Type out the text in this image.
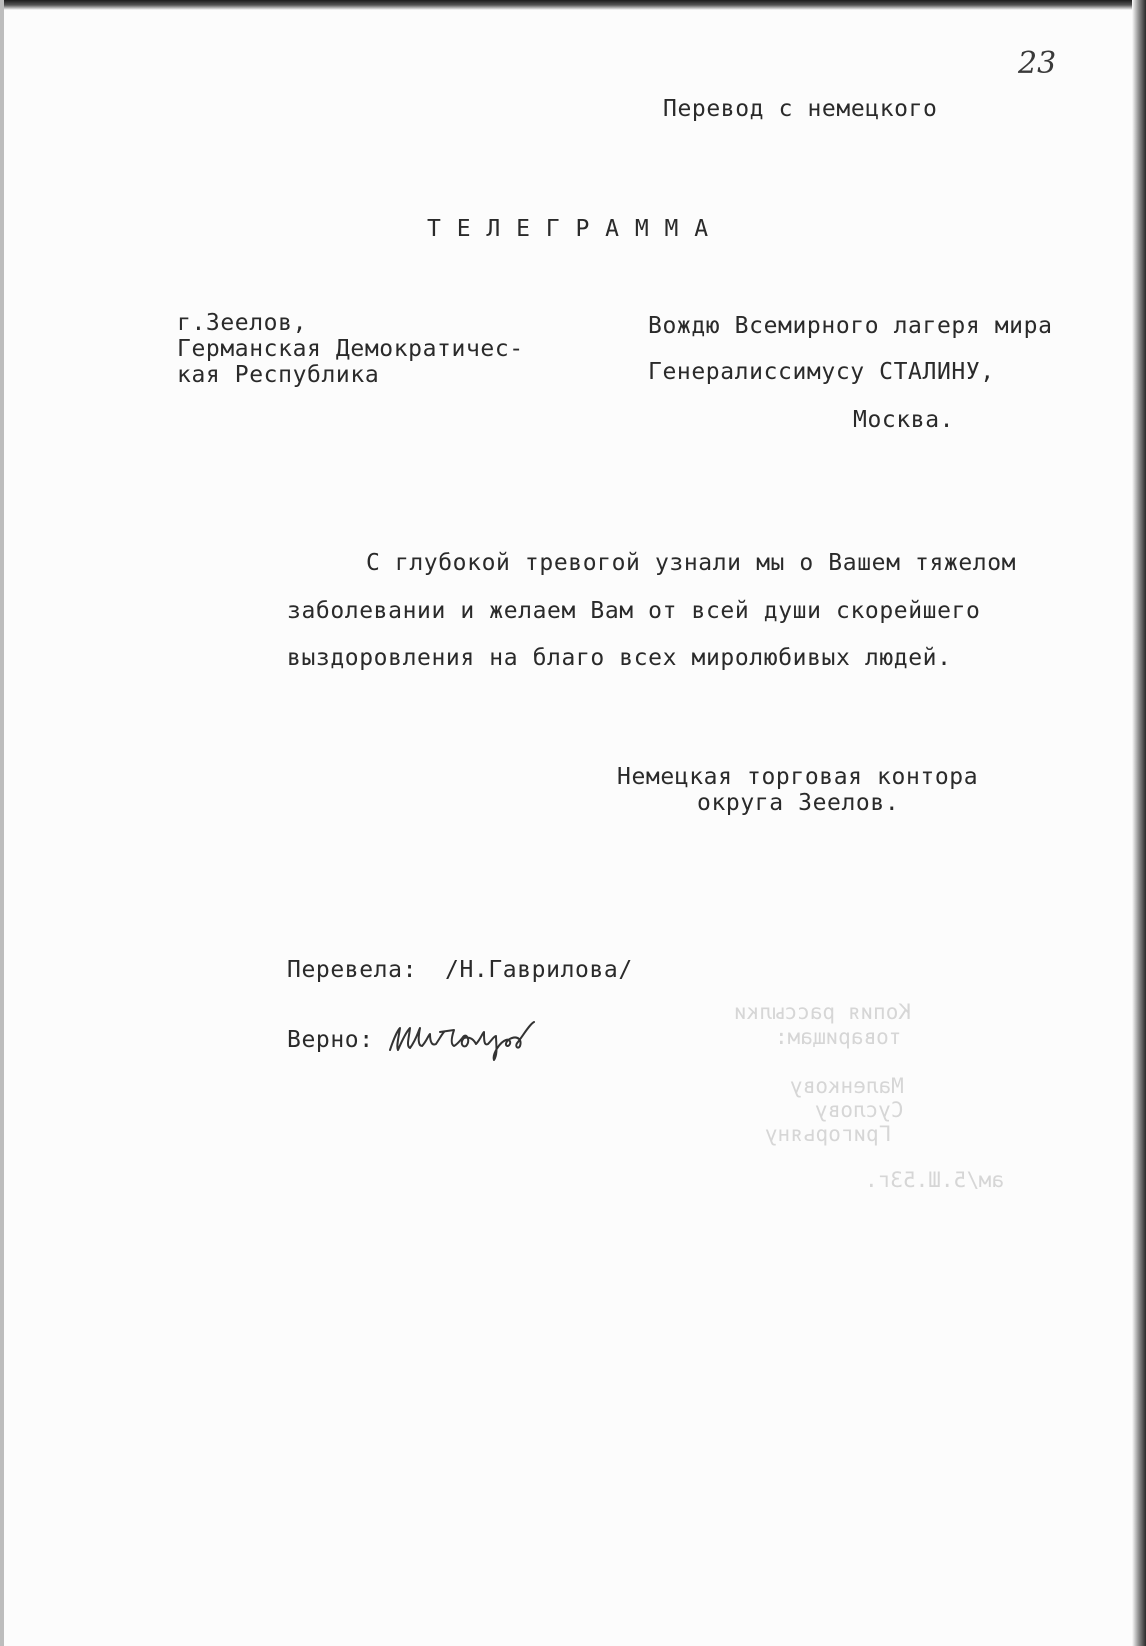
23

Перевод с немецкого

Т Е Л Е Г Р А М М А

г.Зеелов,

Германская Демократичес-

кая Республика

Вождю Всемирного лагеря мира

Генералиссимусу СТАЛИНУ,

Москва.

С глубокой тревогой узнали мы о Вашем тяжелом

заболевании и желаем Вам от всей души скорейшего

выздоровления на благо всех миролюбивых людей.

Немецкая торговая контора

округа Зеелов.

Перевела: /Н.Гаврилова/

Верно:

Копия рассылки
товарищам:
Маленкову
Суслову
Григорьяну
ам/5.Ш.53г.
